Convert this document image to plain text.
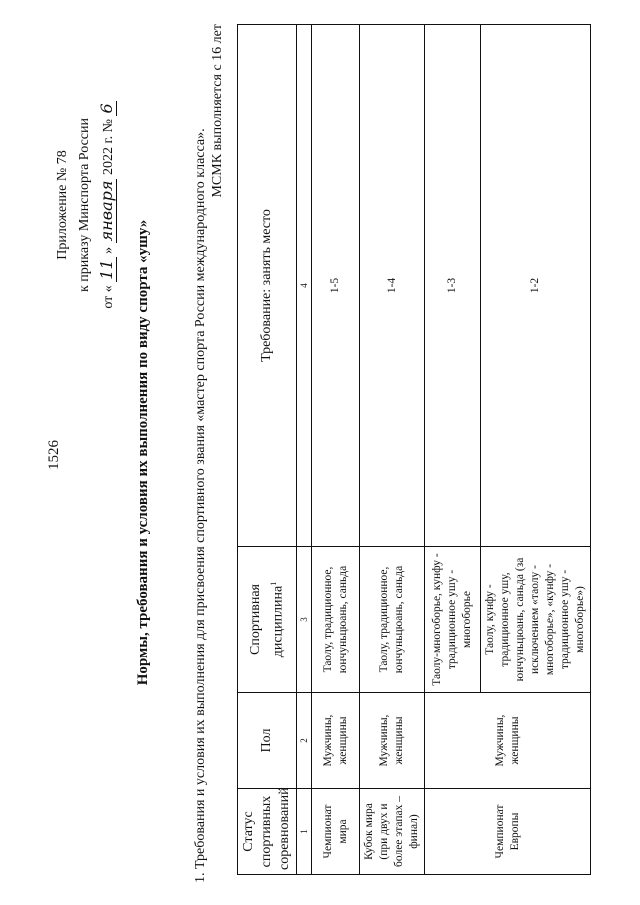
1526
Приложение № 78 к приказу Минспорта России
от « 11 » января 2022 г. № 6
Нормы, требования и условия их выполнения по виду спорта «ушу»	1. Требования и условия их выполнения для присвоения спортивного звания «мастер спорта России международного класса».
МСМК выполняется с 16 лет
Статус спортивных соревнований	Пол	Спортивная дисциплина$^1$	Требование: занять место
1	2	3	4
Чемпионат мира	Мужчины, женщины	Таолу, традиционное, юнчуньцюань, саньда	1-5
Кубок мира (при двух и более этапах – финал)	Мужчины, женщины	Таолу, традиционное, юнчуньцюань, саньда	1-4
Чемпионат Европы	Мужчины, женщины	Таолу-многоборье, кунфу - традиционное ушу - многоборье	1-3
		Таолу, кунфу - традиционное ушу, юнчуньцюань, саньда (за исключением «таолу - многоборье», «кунфу - традиционное ушу - многоборье»)	1-2
